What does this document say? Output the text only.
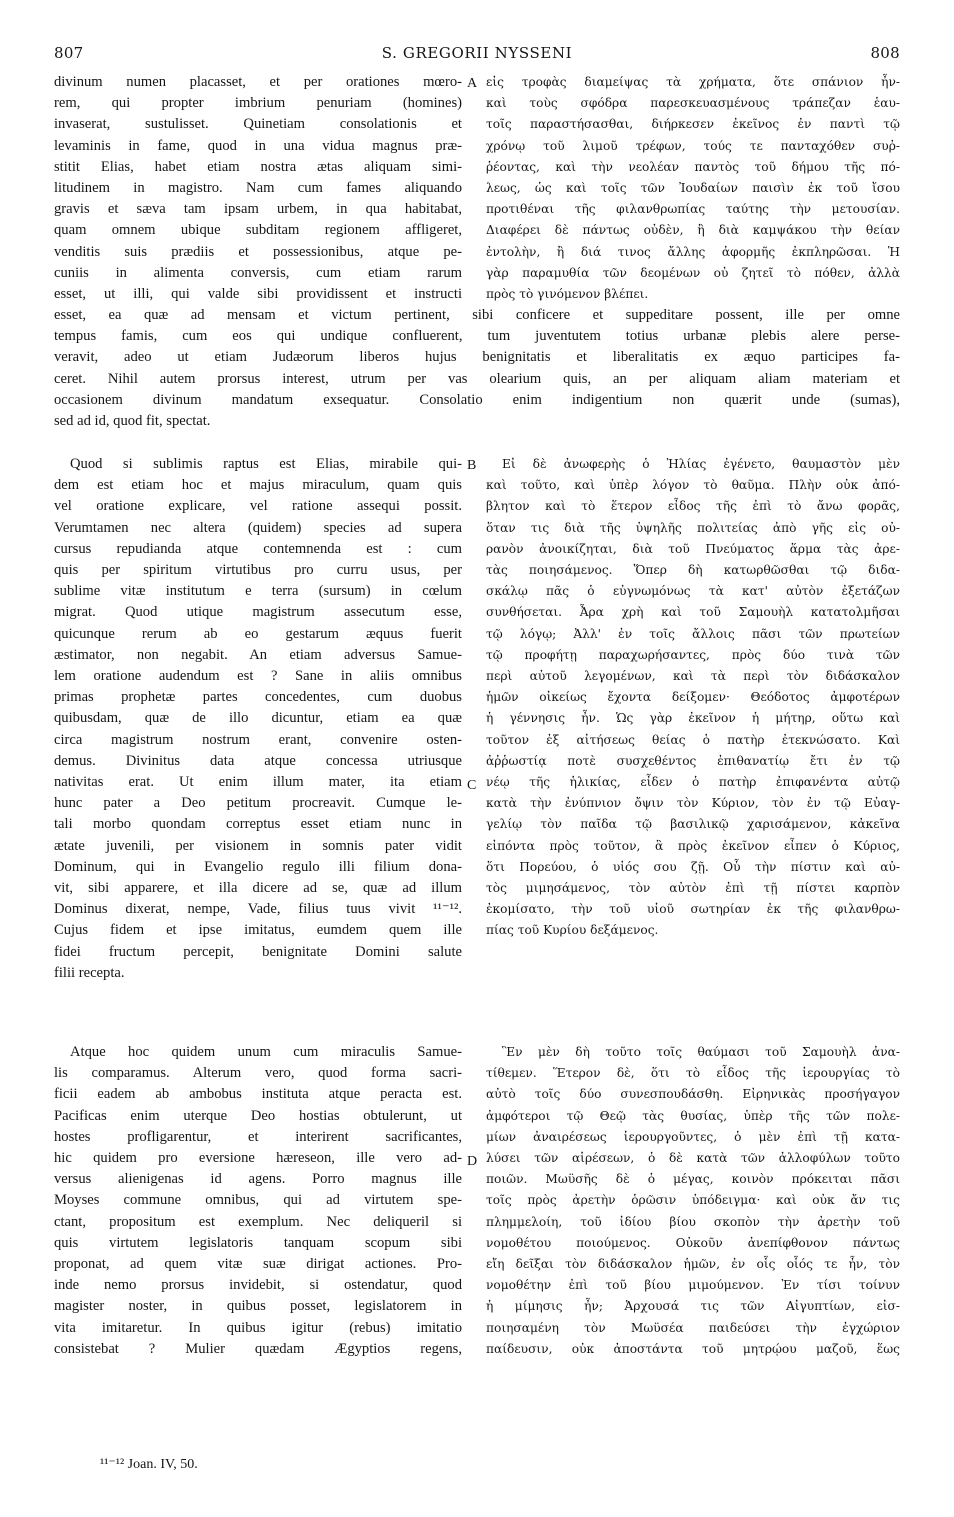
807	S. GREGORII NYSSENI	808
divinum numen placasset, et per orationes mœro-
rem, qui propter imbrium penuriam (homines)
invaserat, sustulisset. Quinetiam consolationis et
levaminis in fame, quod in una vidua magnus præ-
stitit Elias, habet etiam nostra ætas aliquam simi-
litudinem in magistro. Nam cum fames aliquando
gravis et sæva tam ipsam urbem, in qua habitabat,
quam omnem ubique subditam regionem affligeret,
venditis suis prædiis et possessionibus, atque pe-
cuniis in alimenta conversis, cum etiam rarum
esset, ut illi, qui valde sibi providissent et instructi
A εἰς τροφὰς διαμείψας τὰ χρήματα, ὅτε σπάνιον ἦν-
καὶ τοὺς σφόδρα παρεσκευασμένους τράπεζαν ἑαυ-
τοῖς παραστήσασθαι, διήρκεσεν ἐκεῖνος ἐν παντὶ τῷ
χρόνῳ τοῦ λιμοῦ τρέφων, τούς τε πανταχόθεν συῤ-
ῥέοντας, καὶ τὴν νεολέαν παντὸς τοῦ δήμου τῆς πό-
λεως, ὡς καὶ τοῖς τῶν Ἰουδαίων παισὶν ἐκ τοῦ ἴσου
προτιθέναι τῆς φιλανθρωπίας ταύτης τὴν μετουσίαν.
Διαφέρει δὲ πάντως οὐδὲν, ἢ διὰ καμψάκου τὴν θείαν
ἐντολὴν, ἢ διά τινος ἄλλης ἀφορμῆς ἐκπληρῶσαι. Ἡ
γὰρ παραμυθία τῶν δεομένων οὐ ζητεῖ τὸ πόθεν, ἀλλὰ
πρὸς τὸ γινόμενον βλέπει.
esset, ea quæ ad mensam et victum pertinent, sibi conficere et suppeditare possent, ille per omne
tempus famis, cum eos qui undique confluerent, tum juventutem totius urbanæ plebis alere perse-
veravit, adeo ut etiam Judæorum liberos hujus benignitatis et liberalitatis ex æquo participes fa-
ceret. Nihil autem prorsus interest, utrum per vas olearium quis, an per aliquam aliam materiam et
occasionem divinum mandatum exsequatur. Consolatio enim indigentium non quærit unde (sumas),
sed ad id, quod fit, spectat.
Quod si sublimis raptus est Elias, mirabile qui-
dem est etiam hoc et majus miraculum, quam quis
vel oratione explicare, vel ratione assequi possit.
Verumtamen nec altera (quidem) species ad supera
cursus repudianda atque contemnenda est : cum
quis per spiritum virtutibus pro curru usus, per
sublime vitæ institutum e terra (sursum) in cœlum
migrat. Quod utique magistrum assecutum esse,
quicunque rerum ab eo gestarum æquus fuerit
æstimator, non negabit. An etiam adversus Samue-
lem oratione audendum est ? Sane in aliis omnibus
primas prophetæ partes concedentes, cum duobus
quibusdam, quæ de illo dicuntur, etiam ea quæ
circa magistrum nostrum erant, convenire osten-
demus. Divinitus data atque concessa utriusque
nativitas erat. Ut enim illum mater, ita etiam
hunc pater a Deo petitum procreavit. Cumque le-
tali morbo quondam correptus esset etiam nunc in
ætate juvenili, per visionem in somnis pater vidit
Dominum, qui in Evangelio regulo illi filium dona-
vit, sibi apparere, et illa dicere ad se, quæ ad illum
Dominus dixerat, nempe, Vade, filius tuus vivit ¹¹⁻¹².
Cujus fidem et ipse imitatus, eumdem quem ille
fidei fructum percepit, benignitate Domini salute
filii recepta.
B
C
Εἰ δὲ ἀνωφερὴς ὁ Ἠλίας ἐγένετο, θαυμαστὸν μὲν
καὶ τοῦτο, καὶ ὑπὲρ λόγον τὸ θαῦμα. Πλὴν οὐκ ἀπό-
βλητον καὶ τὸ ἕτερον εἶδος τῆς ἐπὶ τὸ ἄνω φορᾶς,
ὅταν τις διὰ τῆς ὑψηλῆς πολιτείας ἀπὸ γῆς εἰς οὐ-
ρανὸν ἀνοικίζηται, διὰ τοῦ Πνεύματος ἅρμα τὰς ἀρε-
τὰς ποιησάμενος. Ὅπερ δὴ κατωρθῶσθαι τῷ διδα-
σκάλῳ πᾶς ὁ εὐγνωμόνως τὰ κατ' αὐτὸν ἐξετάζων
συνθήσεται. Ἆρα χρὴ καὶ τοῦ Σαμουὴλ κατατολμῆσαι
τῷ λόγῳ; Ἀλλ' ἐν τοῖς ἄλλοις πᾶσι τῶν πρωτείων
τῷ προφήτῃ παραχωρήσαντες, πρὸς δύο τινὰ τῶν
περὶ αὐτοῦ λεγομένων, καὶ τὰ περὶ τὸν διδάσκαλον
ἡμῶν οἰκείως ἔχοντα δείξομεν· Θεόδοτος ἀμφοτέρων
ἡ γέννησις ἦν. Ὡς γὰρ ἐκεῖνον ἡ μήτηρ, οὕτω καὶ
τοῦτον ἐξ αἰτήσεως θείας ὁ πατὴρ ἐτεκνώσατο. Καὶ
ἀῤῥωστίᾳ ποτὲ συσχεθέντος ἐπιθανατίῳ ἔτι ἐν τῷ
νέῳ τῆς ἡλικίας, εἶδεν ὁ πατὴρ ἐπιφανέντα αὐτῷ
κατὰ τὴν ἐνύπνιον ὄψιν τὸν Κύριον, τὸν ἐν τῷ Εὐαγ-
γελίῳ τὸν παῖδα τῷ βασιλικῷ χαρισάμενον, κἀκεῖνα
εἰπόντα πρὸς τοῦτον, ἃ πρὸς ἐκεῖνον εἶπεν ὁ Κύριος,
ὅτι Πορεύου, ὁ υἱός σου ζῇ. Οὗ τὴν πίστιν καὶ αὐ-
τὸς μιμησάμενος, τὸν αὐτὸν ἐπὶ τῇ πίστει καρπὸν
ἐκομίσατο, τὴν τοῦ υἱοῦ σωτηρίαν ἐκ τῆς φιλανθρω-
πίας τοῦ Κυρίου δεξάμενος.
Atque hoc quidem unum cum miraculis Samue-
lis comparamus. Alterum vero, quod forma sacri-
ficii eadem ab ambobus instituta atque peracta est.
Pacificas enim uterque Deo hostias obtulerunt, ut
hostes profligarentur, et interirent sacrificantes,
hic quidem pro eversione hæreseon, ille vero ad-
versus alienigenas id agens. Porro magnus ille
Moyses commune omnibus, qui ad virtutem spe-
ctant, propositum est exemplum. Nec deliqueril si
quis virtutem legislatoris tanquam scopum sibi
proponat, ad quem vitæ suæ dirigat actiones. Pro-
inde nemo prorsus invidebit, si ostendatur, quod
magister noster, in quibus posset, legislatorem in
vita imitaretur. In quibus igitur (rebus) imitatio
consistebat ? Mulier quædam Ægyptios regens,
D
Ἓν μὲν δὴ τοῦτο τοῖς θαύμασι τοῦ Σαμουὴλ ἀνα-
τίθεμεν. Ἕτερον δὲ, ὅτι τὸ εἶδος τῆς ἱερουργίας τὸ
αὐτὸ τοῖς δύο συνεσπουδάσθη. Εἰρηνικὰς προσήγαγον
ἀμφότεροι τῷ Θεῷ τὰς θυσίας, ὑπὲρ τῆς τῶν πολε-
μίων ἀναιρέσεως ἱερουργοῦντες, ὁ μὲν ἐπὶ τῇ κατα-
λύσει τῶν αἱρέσεων, ὁ δὲ κατὰ τῶν ἀλλοφύλων τοῦτο
ποιῶν. Μωϋσῆς δὲ ὁ μέγας, κοινὸν πρόκειται πᾶσι
τοῖς πρὸς ἀρετὴν ὁρῶσιν ὑπόδειγμα· καὶ οὐκ ἄν τις
πλημμελοίη, τοῦ ἰδίου βίου σκοπὸν τὴν ἀρετὴν τοῦ
νομοθέτου ποιούμενος. Οὐκοῦν ἀνεπίφθονον πάντως
εἴη δεῖξαι τὸν διδάσκαλον ἡμῶν, ἐν οἷς οἷός τε ἦν, τὸν
νομοθέτην ἐπὶ τοῦ βίου μιμούμενον. Ἐν τίσι τοίνυν
ἡ μίμησις ἦν; Ἀρχουσά τις τῶν Αἰγυπτίων, εἰσ-
ποιησαμένη τὸν Μωϋσέα παιδεύσει τὴν ἐγχώριον
παίδευσιν, οὐκ ἀποστάντα τοῦ μητρῴου μαζοῦ, ἕως
¹¹⁻¹² Joan. IV, 50.
